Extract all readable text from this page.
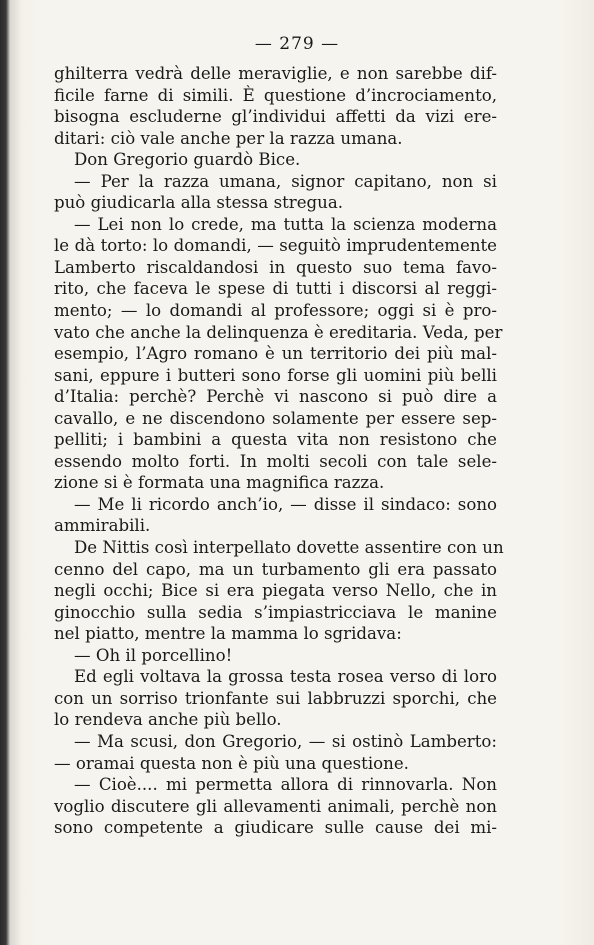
— 279 —
ghilterra vedrà delle meraviglie, e non sarebbe dif-
ficile farne di simili. È questione d’incrociamento,
bisogna escluderne gl’individui affetti da vizi ere-
ditari: ciò vale anche per la razza umana.
Don Gregorio guardò Bice.
— Per la razza umana, signor capitano, non si
può giudicarla alla stessa stregua.
— Lei non lo crede, ma tutta la scienza moderna
le dà torto: lo domandi, — seguitò imprudentemente
Lamberto riscaldandosi in questo suo tema favo-
rito, che faceva le spese di tutti i discorsi al reggi-
mento; — lo domandi al professore; oggi si è pro-
vato che anche la delinquenza è ereditaria. Veda, per
esempio, l’Agro romano è un territorio dei più mal-
sani, eppure i butteri sono forse gli uomini più belli
d’Italia: perchè? Perchè vi nascono si può dire a
cavallo, e ne discendono solamente per essere sep-
pelliti; i bambini a questa vita non resistono che
essendo molto forti. In molti secoli con tale sele-
zione si è formata una magnifica razza.
— Me li ricordo anch’io, — disse il sindaco: sono
ammirabili.
De Nittis così interpellato dovette assentire con un
cenno del capo, ma un turbamento gli era passato
negli occhi; Bice si era piegata verso Nello, che in
ginocchio sulla sedia s’impiastricciava le manine
nel piatto, mentre la mamma lo sgridava:
— Oh il porcellino!
Ed egli voltava la grossa testa rosea verso di loro
con un sorriso trionfante sui labbruzzi sporchi, che
lo rendeva anche più bello.
— Ma scusi, don Gregorio, — si ostinò Lamberto:
— oramai questa non è più una questione.
— Cioè.... mi permetta allora di rinnovarla. Non
voglio discutere gli allevamenti animali, perchè non
sono competente a giudicare sulle cause dei mi-
